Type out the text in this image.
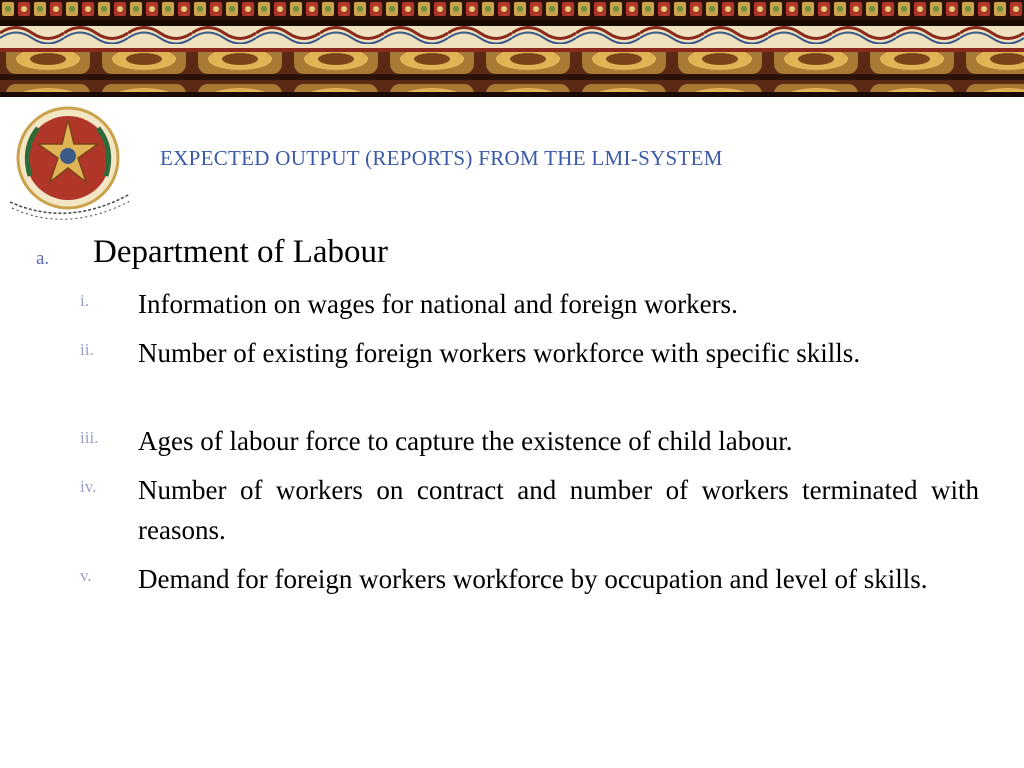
EXPECTED OUTPUT (REPORTS) FROM THE LMI-SYSTEM
a. Department of Labour
i. Information on wages for national and foreign workers.
ii. Number of existing foreign workers workforce with specific skills.
iii. Ages of labour force to capture the existence of child labour.
iv. Number of workers on contract and number of workers terminated with reasons.
v. Demand for foreign workers workforce by occupation and level of skills.
